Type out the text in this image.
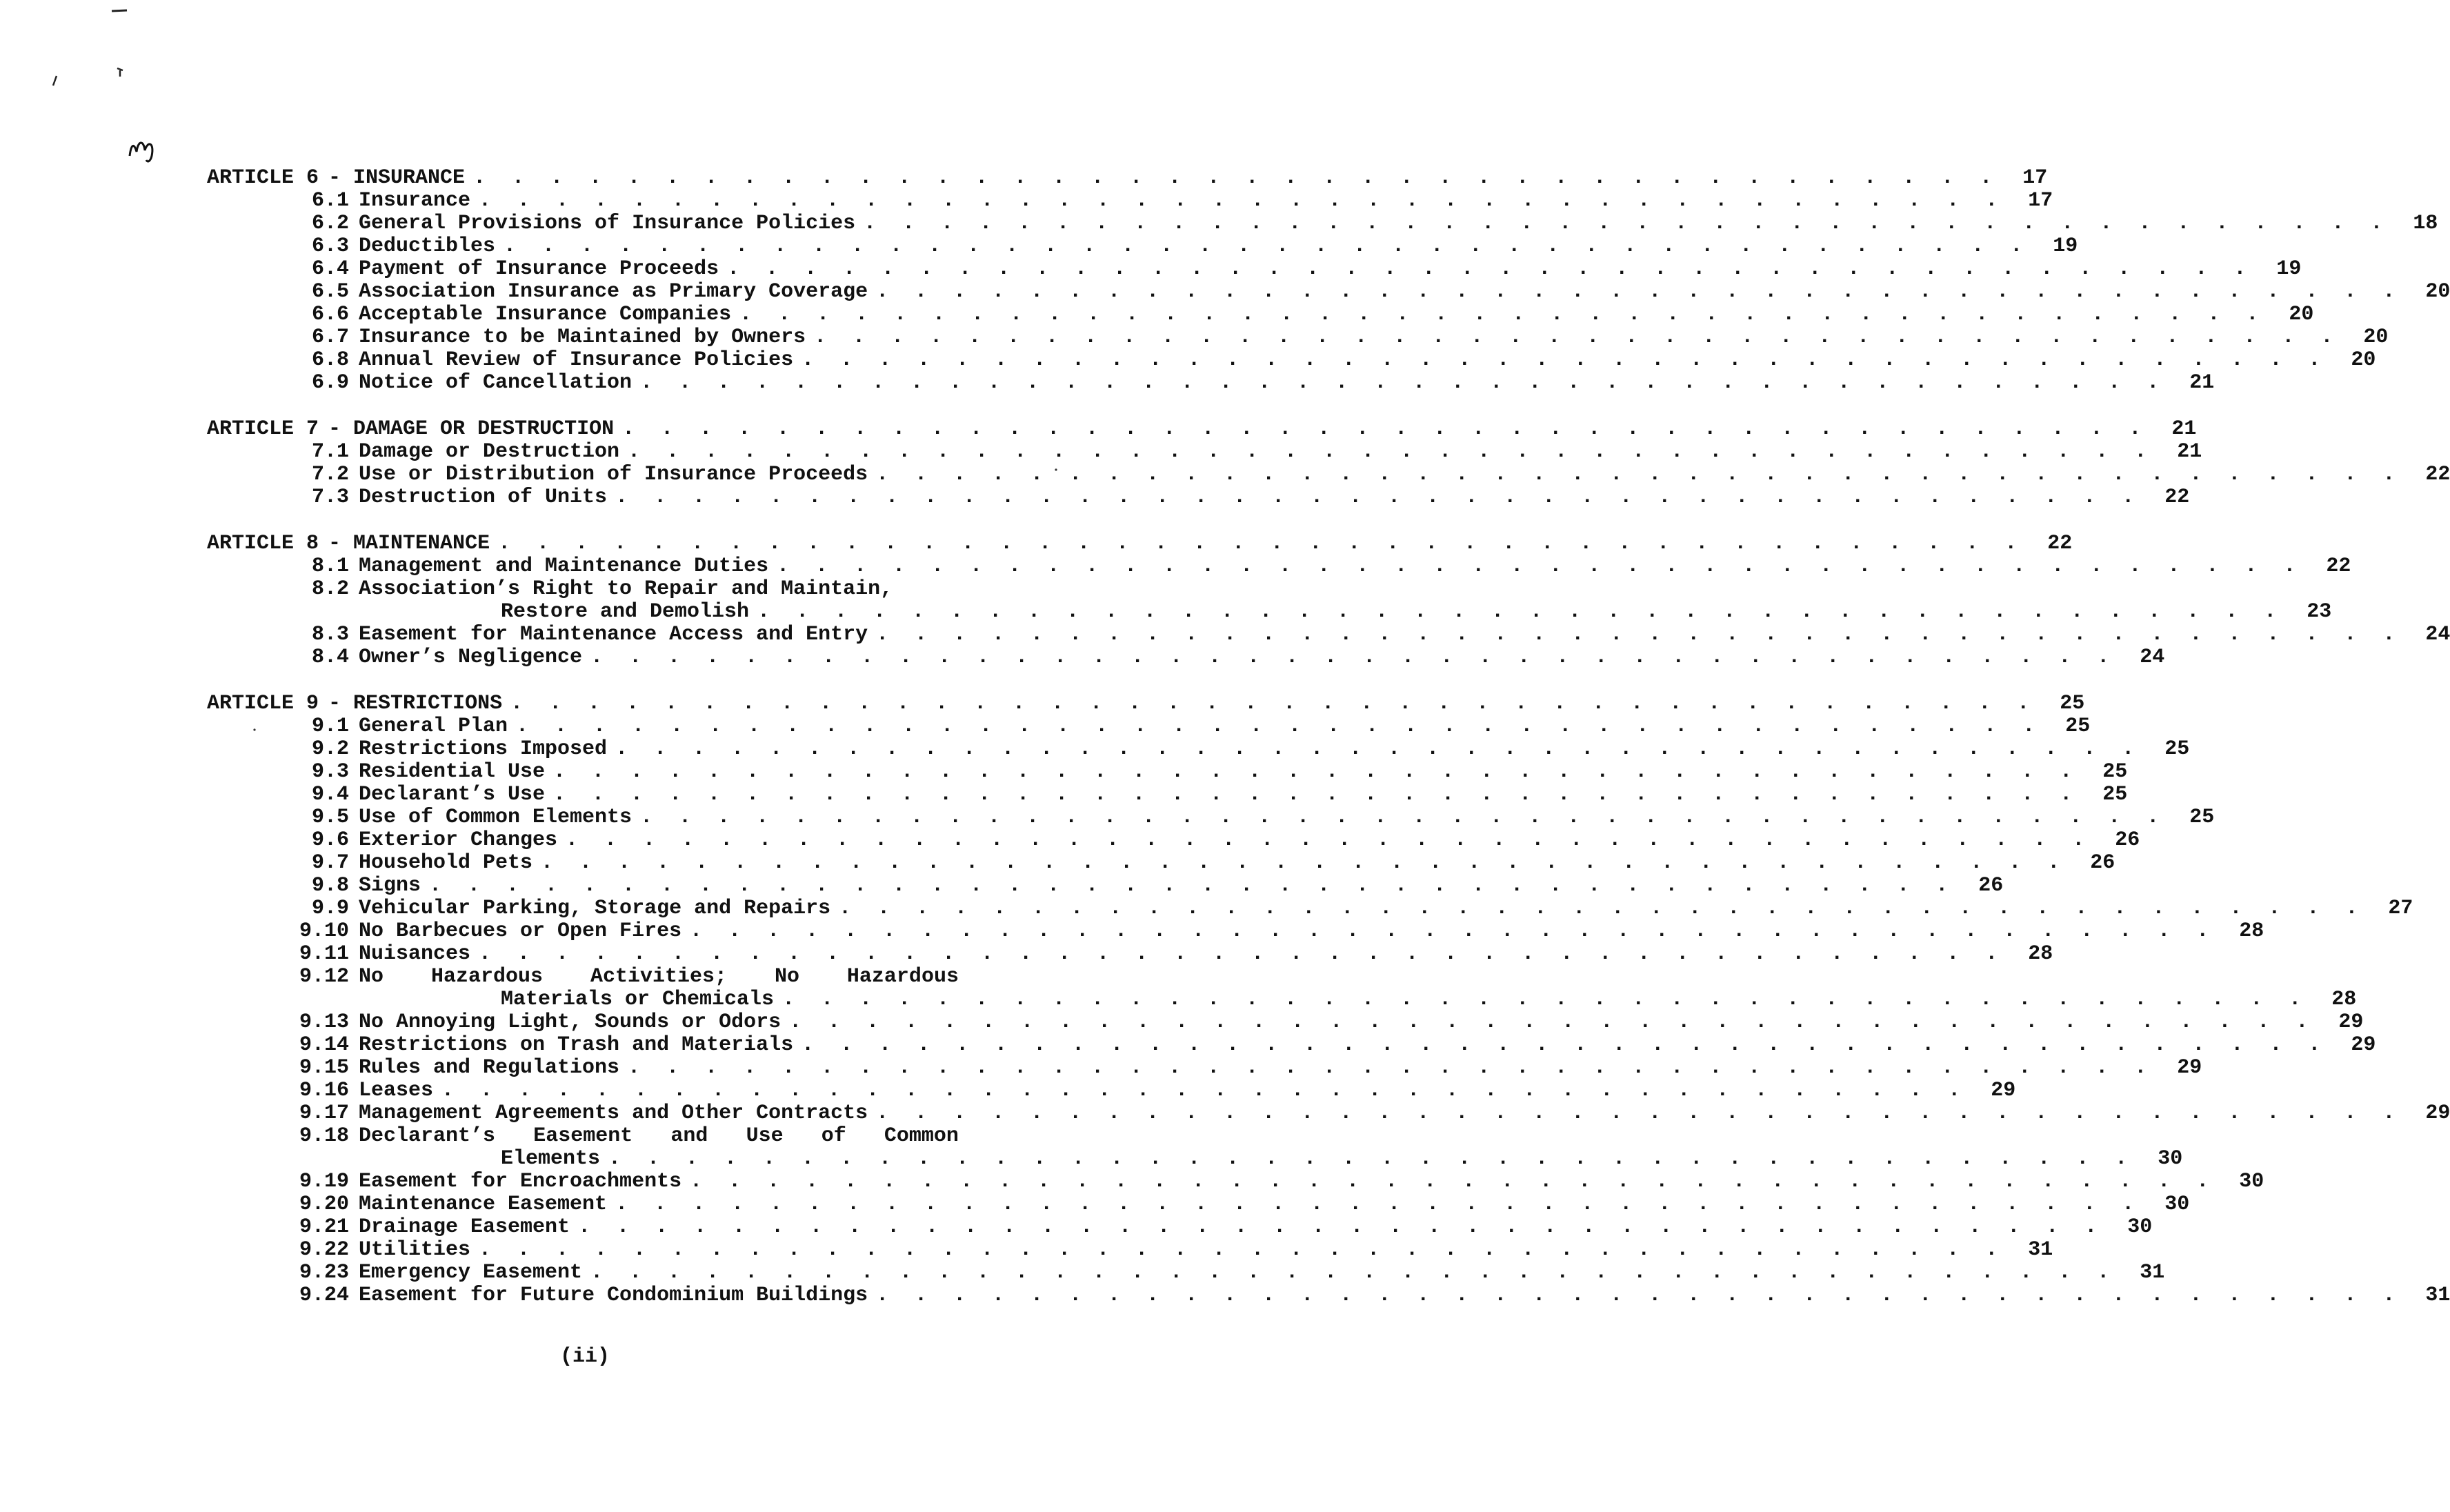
ARTICLE 6 - INSURANCE . . . . . . . . . . . . . . . . . . . . . . . . . . . . . . . . . . . . . . . .	17
6.1 Insurance . . . . . . . . . . . . . . . . . . . . . . . . . . . . . . . . . . . . . . . .	17
6.2 General Provisions of Insurance Policies . . . . . . . . . . . . . . . . . . . . . . . . . . . . . . . . . . . . . . . .	18
6.3 Deductibles . . . . . . . . . . . . . . . . . . . . . . . . . . . . . . . . . . . . . . . .	19
6.4 Payment of Insurance Proceeds . . . . . . . . . . . . . . . . . . . . . . . . . . . . . . . . . . . . . . . .	19
6.5 Association Insurance as Primary Coverage . . . . . . . . . . . . . . . . . . . . . . . . . . . . . . . . . . . . . . . .	20
6.6 Acceptable Insurance Companies . . . . . . . . . . . . . . . . . . . . . . . . . . . . . . . . . . . . . . . .	20
6.7 Insurance to be Maintained by Owners . . . . . . . . . . . . . . . . . . . . . . . . . . . . . . . . . . . . . . . .	20
6.8 Annual Review of Insurance Policies . . . . . . . . . . . . . . . . . . . . . . . . . . . . . . . . . . . . . . . .	20
6.9 Notice of Cancellation . . . . . . . . . . . . . . . . . . . . . . . . . . . . . . . . . . . . . . . .	21
ARTICLE 7 - DAMAGE OR DESTRUCTION . . . . . . . . . . . . . . . . . . . . . . . . . . . . . . . . . . . . . . . .	21
7.1 Damage or Destruction . . . . . . . . . . . . . . . . . . . . . . . . . . . . . . . . . . . . . . . .	21
7.2 Use or Distribution of Insurance Proceeds . . . . . . . . . . . . . . . . . . . . . . . . . . . . . . . . . . . . . . . .	22
7.3 Destruction of Units . . . . . . . . . . . . . . . . . . . . . . . . . . . . . . . . . . . . . . . .	22
ARTICLE 8 - MAINTENANCE . . . . . . . . . . . . . . . . . . . . . . . . . . . . . . . . . . . . . . . .	22
8.1 Management and Maintenance Duties . . . . . . . . . . . . . . . . . . . . . . . . . . . . . . . . . . . . . . . .	22
8.2 Association’s Right to Repair and Maintain,
Restore and Demolish . . . . . . . . . . . . . . . . . . . . . . . . . . . . . . . . . . . . . . . .	23
8.3 Easement for Maintenance Access and Entry . . . . . . . . . . . . . . . . . . . . . . . . . . . . . . . . . . . . . . . .	24
8.4 Owner’s Negligence . . . . . . . . . . . . . . . . . . . . . . . . . . . . . . . . . . . . . . . .	24
ARTICLE 9 - RESTRICTIONS . . . . . . . . . . . . . . . . . . . . . . . . . . . . . . . . . . . . . . . .	25
9.1 General Plan . . . . . . . . . . . . . . . . . . . . . . . . . . . . . . . . . . . . . . . .	25
9.2 Restrictions Imposed . . . . . . . . . . . . . . . . . . . . . . . . . . . . . . . . . . . . . . . .	25
9.3 Residential Use . . . . . . . . . . . . . . . . . . . . . . . . . . . . . . . . . . . . . . . .	25
9.4 Declarant’s Use . . . . . . . . . . . . . . . . . . . . . . . . . . . . . . . . . . . . . . . .	25
9.5 Use of Common Elements . . . . . . . . . . . . . . . . . . . . . . . . . . . . . . . . . . . . . . . .	25
9.6 Exterior Changes . . . . . . . . . . . . . . . . . . . . . . . . . . . . . . . . . . . . . . . .	26
9.7 Household Pets . . . . . . . . . . . . . . . . . . . . . . . . . . . . . . . . . . . . . . . .	26
9.8 Signs . . . . . . . . . . . . . . . . . . . . . . . . . . . . . . . . . . . . . . . .	26
9.9 Vehicular Parking, Storage and Repairs . . . . . . . . . . . . . . . . . . . . . . . . . . . . . . . . . . . . . . . .	27
9.10 No Barbecues or Open Fires . . . . . . . . . . . . . . . . . . . . . . . . . . . . . . . . . . . . . . . .	28
9.11 Nuisances . . . . . . . . . . . . . . . . . . . . . . . . . . . . . . . . . . . . . . . .	28
9.12 No Hazardous Activities; No Hazardous
Materials or Chemicals . . . . . . . . . . . . . . . . . . . . . . . . . . . . . . . . . . . . . . . .	28
9.13 No Annoying Light, Sounds or Odors . . . . . . . . . . . . . . . . . . . . . . . . . . . . . . . . . . . . . . . .	29
9.14 Restrictions on Trash and Materials . . . . . . . . . . . . . . . . . . . . . . . . . . . . . . . . . . . . . . . .	29
9.15 Rules and Regulations . . . . . . . . . . . . . . . . . . . . . . . . . . . . . . . . . . . . . . . .	29
9.16 Leases . . . . . . . . . . . . . . . . . . . . . . . . . . . . . . . . . . . . . . . .	29
9.17 Management Agreements and Other Contracts . . . . . . . . . . . . . . . . . . . . . . . . . . . . . . . . . . . . . . . .	29
9.18 Declarant’s Easement and Use of Common
Elements . . . . . . . . . . . . . . . . . . . . . . . . . . . . . . . . . . . . . . . .	30
9.19 Easement for Encroachments . . . . . . . . . . . . . . . . . . . . . . . . . . . . . . . . . . . . . . . .	30
9.20 Maintenance Easement . . . . . . . . . . . . . . . . . . . . . . . . . . . . . . . . . . . . . . . .	30
9.21 Drainage Easement . . . . . . . . . . . . . . . . . . . . . . . . . . . . . . . . . . . . . . . .	30
9.22 Utilities . . . . . . . . . . . . . . . . . . . . . . . . . . . . . . . . . . . . . . . .	31
9.23 Emergency Easement . . . . . . . . . . . . . . . . . . . . . . . . . . . . . . . . . . . . . . . .	31
9.24 Easement for Future Condominium Buildings . . . . . . . . . . . . . . . . . . . . . . . . . . . . . . . . . . . . . . . .	31
(ii)
